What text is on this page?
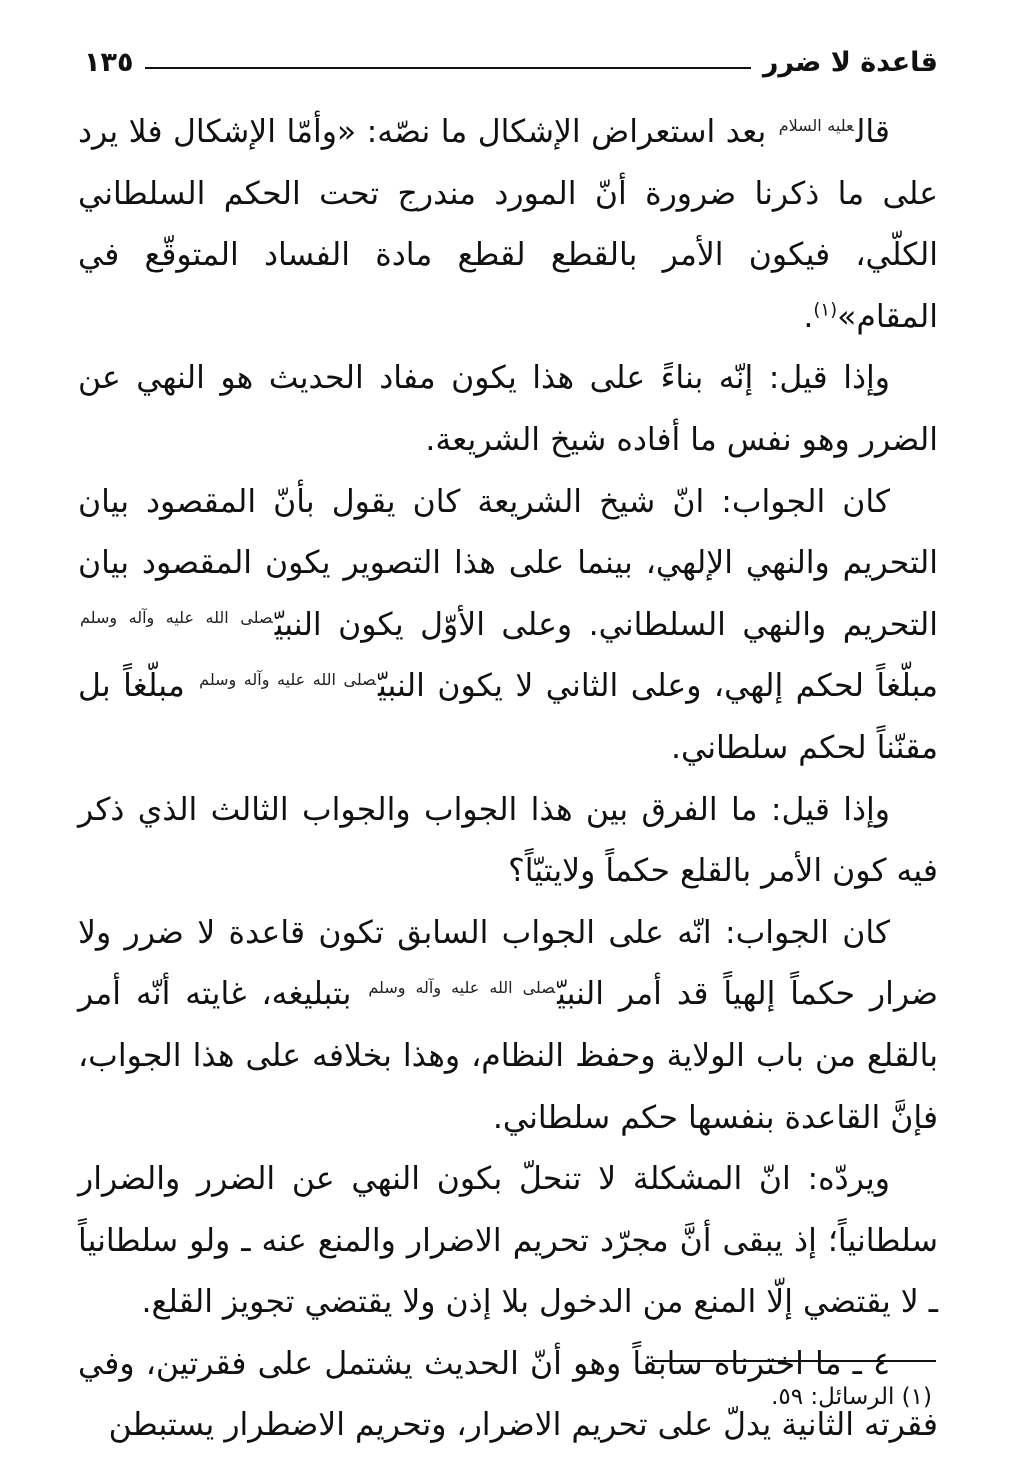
قاعدة لا ضرر
١٣٥

قال$^{عليه السلام}$ بعد استعراض الإشكال ما نصّه: «وأمّا الإشكال فلا يرد على ما ذكرنا ضرورة أنّ المورد مندرج تحت الحكم السلطاني الكلّي، فيكون الأمر بالقطع لقطع مادة الفساد المتوقّع في المقام»$^{(١)}$.

وإذا قيل: إنّه بناءً على هذا يكون مفاد الحديث هو النهي عن الضرر وهو نفس ما أفاده شيخ الشريعة.

كان الجواب: انّ شيخ الشريعة كان يقول بأنّ المقصود بيان التحريم والنهي الإلهي، بينما على هذا التصوير يكون المقصود بيان التحريم والنهي السلطاني. وعلى الأوّل يكون النبيّ$^{صلى الله عليه وآله وسلم}$ مبلّغاً لحكم إلهي، وعلى الثاني لا يكون النبيّ$^{صلى الله عليه وآله وسلم}$ مبلّغاً بل مقنّناً لحكم سلطاني.

وإذا قيل: ما الفرق بين هذا الجواب والجواب الثالث الذي ذكر فيه كون الأمر بالقلع حكماً ولايتيّاً؟

كان الجواب: انّه على الجواب السابق تكون قاعدة لا ضرر ولا ضرار حكماً إلهياً قد أمر النبيّ$^{صلى الله عليه وآله وسلم}$ بتبليغه، غايته أنّه أمر بالقلع من باب الولاية وحفظ النظام، وهذا بخلافه على هذا الجواب، فإنَّ القاعدة بنفسها حكم سلطاني.

ويردّه: انّ المشكلة لا تنحلّ بكون النهي عن الضرر والضرار سلطانياً؛ إذ يبقى أنَّ مجرّد تحريم الاضرار والمنع عنه ـ ولو سلطانياً ـ لا يقتضي إلّا المنع من الدخول بلا إذن ولا يقتضي تجويز القلع.

٤ ـ ما اخترناه سابقاً وهو أنّ الحديث يشتمل على فقرتين، وفي فقرته الثانية يدلّ على تحريم الاضرار، وتحريم الاضطرار يستبطن

(١) الرسائل: ٥٩.
